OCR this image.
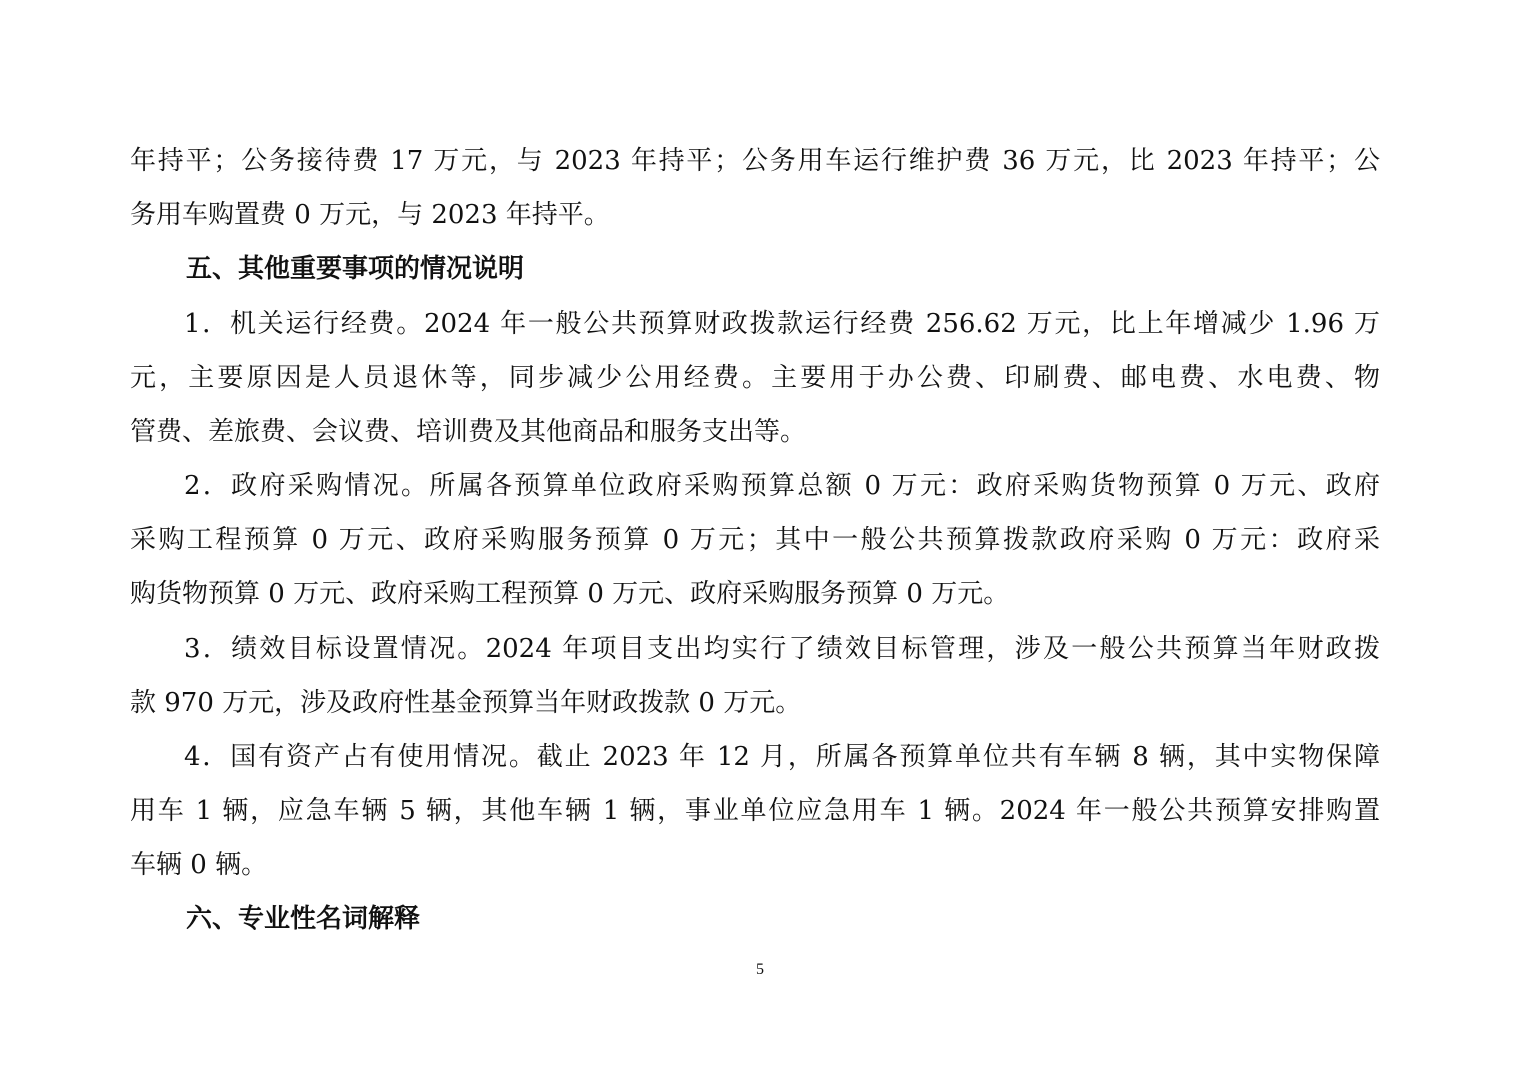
年持平；公务接待费 17 万元，与 2023 年持平；公务用车运行维护费 36 万元，比 2023 年持平；公
务用车购置费 0 万元，与 2023 年持平。
五、其他重要事项的情况说明
1．机关运行经费。2024 年一般公共预算财政拨款运行经费 256.62 万元，比上年增减少 1.96 万
元，主要原因是人员退休等，同步减少公用经费。主要用于办公费、印刷费、邮电费、水电费、物
管费、差旅费、会议费、培训费及其他商品和服务支出等。
2．政府采购情况。所属各预算单位政府采购预算总额 0 万元：政府采购货物预算 0 万元、政府
采购工程预算 0 万元、政府采购服务预算 0 万元；其中一般公共预算拨款政府采购 0 万元：政府采
购货物预算 0 万元、政府采购工程预算 0 万元、政府采购服务预算 0 万元。
3．绩效目标设置情况。2024 年项目支出均实行了绩效目标管理，涉及一般公共预算当年财政拨
款 970 万元，涉及政府性基金预算当年财政拨款 0 万元。
4．国有资产占有使用情况。截止 2023 年 12 月，所属各预算单位共有车辆 8 辆，其中实物保障
用车 1 辆，应急车辆 5 辆，其他车辆 1 辆，事业单位应急用车 1 辆。2024 年一般公共预算安排购置
车辆 0 辆。
六、专业性名词解释
5
